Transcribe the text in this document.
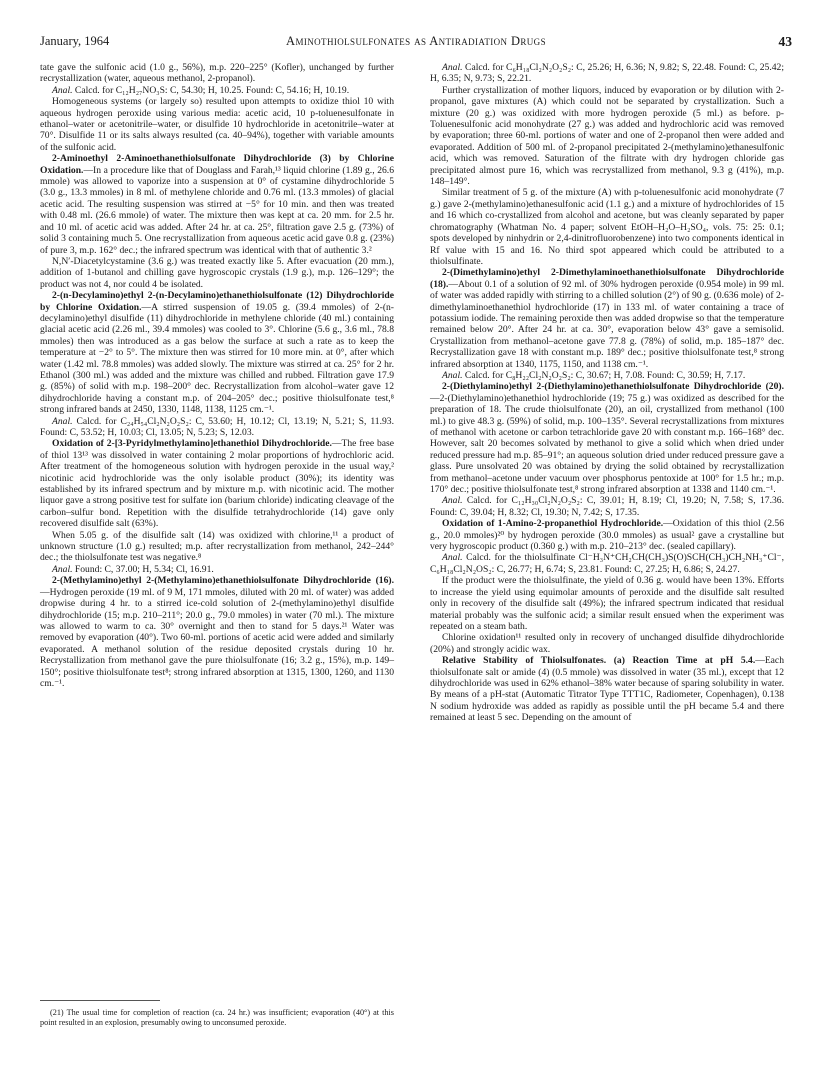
January, 1964	Aminothiolsulfonates as Antiradiation Drugs	43

tate gave the sulfonic acid (1.0 g., 56%), m.p. 220–225° (Kofler), unchanged by further recrystallization (water, aqueous methanol, 2-propanol).

Anal. Calcd. for C₁₂H₂₇NO₃S: C, 54.30; H, 10.25. Found: C, 54.16; H, 10.19.

Homogeneous systems (or largely so) resulted upon attempts to oxidize thiol 10 with aqueous hydrogen peroxide using various media: acetic acid, 10 p-toluenesulfonate in ethanol–water or acetonitrile–water, or disulfide 10 hydrochloride in acetonitrile–water at 70°. Disulfide 11 or its salts always resulted (ca. 40–94%), together with variable amounts of the sulfonic acid.

2-Aminoethyl 2-Aminoethanethiolsulfonate Dihydrochloride (3) by Chlorine Oxidation.—In a procedure like that of Douglass and Farah,¹³ liquid chlorine (1.89 g., 26.6 mmole) was allowed to vaporize into a suspension at 0° of cystamine dihydrochloride 5 (3.0 g., 13.3 mmoles) in 8 ml. of methylene chloride and 0.76 ml. (13.3 mmoles) of glacial acetic acid. The resulting suspension was stirred at −5° for 10 min. and then was treated with 0.48 ml. (26.6 mmole) of water. The mixture then was kept at ca. 20 mm. for 2.5 hr. and 10 ml. of acetic acid was added. After 24 hr. at ca. 25°, filtration gave 2.5 g. (73%) of solid 3 containing much 5. One recrystallization from aqueous acetic acid gave 0.8 g. (23%) of pure 3, m.p. 162° dec.; the infrared spectrum was identical with that of authentic 3.²

N,N′-Diacetylcystamine (3.6 g.) was treated exactly like 5. After evacuation (20 mm.), addition of 1-butanol and chilling gave hygroscopic crystals (1.9 g.), m.p. 126–129°; the product was not 4, nor could 4 be isolated.

2-(n-Decylamino)ethyl 2-(n-Decylamino)ethanethiolsulfonate (12) Dihydrochloride by Chlorine Oxidation.—A stirred suspension of 19.05 g. (39.4 mmoles) of 2-(n-decylamino)ethyl disulfide (11) dihydrochloride in methylene chloride (40 ml.) containing glacial acetic acid (2.26 ml., 39.4 mmoles) was cooled to 3°. Chlorine (5.6 g., 3.6 ml., 78.8 mmoles) then was introduced as a gas below the surface at such a rate as to keep the temperature at −2° to 5°. The mixture then was stirred for 10 more min. at 0°, after which water (1.42 ml. 78.8 mmoles) was added slowly. The mixture was stirred at ca. 25° for 2 hr. Ethanol (300 ml.) was added and the mixture was chilled and rubbed. Filtration gave 17.9 g. (85%) of solid with m.p. 198–200° dec. Recrystallization from alcohol–water gave 12 dihydrochloride having a constant m.p. of 204–205° dec.; positive thiolsulfonate test,⁸ strong infrared bands at 2450, 1330, 1148, 1138, 1125 cm.⁻¹.

Anal. Calcd. for C₂₄H₅₄Cl₂N₂O₂S₂: C, 53.60; H, 10.12; Cl, 13.19; N, 5.21; S, 11.93. Found: C, 53.52; H, 10.03; Cl, 13.05; N, 5.23; S, 12.03.

Oxidation of 2-[3-Pyridylmethylamino]ethanethiol Dihydrochloride.—The free base of thiol 13¹³ was dissolved in water containing 2 molar proportions of hydrochloric acid. After treatment of the homogeneous solution with hydrogen peroxide in the usual way,² nicotinic acid hydrochloride was the only isolable product (30%); its identity was established by its infrared spectrum and by mixture m.p. with nicotinic acid. The mother liquor gave a strong positive test for sulfate ion (barium chloride) indicating cleavage of the carbon–sulfur bond. Repetition with the disulfide tetrahydrochloride (14) gave only recovered disulfide salt (63%).

When 5.05 g. of the disulfide salt (14) was oxidized with chlorine,¹¹ a product of unknown structure (1.0 g.) resulted; m.p. after recrystallization from methanol, 242–244° dec.; the thiolsulfonate test was negative.⁸

Anal. Found: C, 37.00; H, 5.34; Cl, 16.91.

2-(Methylamino)ethyl 2-(Methylamino)ethanethiolsulfonate Dihydrochloride (16).—Hydrogen peroxide (19 ml. of 9 M, 171 mmoles, diluted with 20 ml. of water) was added dropwise during 4 hr. to a stirred ice-cold solution of 2-(methylamino)ethyl disulfide dihydrochloride (15; m.p. 210–211°; 20.0 g., 79.0 mmoles) in water (70 ml.). The mixture was allowed to warm to ca. 30° overnight and then to stand for 5 days.²¹ Water was removed by evaporation (40°). Two 60-ml. portions of acetic acid were added and similarly evaporated. A methanol solution of the residue deposited crystals during 10 hr. Recrystallization from methanol gave the pure thiolsulfonate (16; 3.2 g., 15%), m.p. 149–150°; positive thiolsulfonate test⁸; strong infrared absorption at 1315, 1300, 1260, and 1130 cm.⁻¹.

Anal. Calcd. for C₆H₁₈Cl₂N₂O₂S₂: C, 25.26; H, 6.36; N, 9.82; S, 22.48. Found: C, 25.42; H, 6.35; N, 9.73; S, 22.21.

Further crystallization of mother liquors, induced by evaporation or by dilution with 2-propanol, gave mixtures (A) which could not be separated by crystallization. Such a mixture (20 g.) was oxidized with more hydrogen peroxide (5 ml.) as before. p-Toluenesulfonic acid monohydrate (27 g.) was added and hydrochloric acid was removed by evaporation; three 60-ml. portions of water and one of 2-propanol then were added and evaporated. Addition of 500 ml. of 2-propanol precipitated 2-(methylamino)ethanesulfonic acid, which was removed. Saturation of the filtrate with dry hydrogen chloride gas precipitated almost pure 16, which was recrystallized from methanol, 9.3 g (41%), m.p. 148–149°.

Similar treatment of 5 g. of the mixture (A) with p-toluenesulfonic acid monohydrate (7 g.) gave 2-(methylamino)ethanesulfonic acid (1.1 g.) and a mixture of hydrochlorides of 15 and 16 which co-crystallized from alcohol and acetone, but was cleanly separated by paper chromatography (Whatman No. 4 paper; solvent EtOH–H₂O–H₂SO₄, vols. 75: 25: 0.1; spots developed by ninhydrin or 2,4-dinitrofluorobenzene) into two components identical in Rf value with 15 and 16. No third spot appeared which could be attributed to a thiolsulfinate.

2-(Dimethylamino)ethyl 2-Dimethylaminoethanethiolsulfonate Dihydrochloride (18).—About 0.1 of a solution of 92 ml. of 30% hydrogen peroxide (0.954 mole) in 99 ml. of water was added rapidly with stirring to a chilled solution (2°) of 90 g. (0.636 mole) of 2-dimethylaminoethanethiol hydrochloride (17) in 133 ml. of water containing a trace of potassium iodide. The remaining peroxide then was added dropwise so that the temperature remained below 20°. After 24 hr. at ca. 30°, evaporation below 43° gave a semisolid. Crystallization from methanol–acetone gave 77.8 g. (78%) of solid, m.p. 185–187° dec. Recrystallization gave 18 with constant m.p. 189° dec.; positive thiolsulfonate test,⁸ strong infrared absorption at 1340, 1175, 1150, and 1138 cm.⁻¹.

Anal. Calcd. for C₈H₂₂Cl₂N₂O₂S₂: C, 30.67; H, 7.08. Found: C, 30.59; H, 7.17.

2-(Diethylamino)ethyl 2-(Diethylamino)ethanethiolsulfonate Dihydrochloride (20).—2-(Diethylamino)ethanethiol hydrochloride (19; 75 g.) was oxidized as described for the preparation of 18. The crude thiolsulfonate (20), an oil, crystallized from methanol (100 ml.) to give 48.3 g. (59%) of solid, m.p. 100–135°. Several recrystallizations from mixtures of methanol with acetone or carbon tetrachloride gave 20 with constant m.p. 166–168° dec. However, salt 20 becomes solvated by methanol to give a solid which when dried under reduced pressure had m.p. 85–91°; an aqueous solution dried under reduced pressure gave a glass. Pure unsolvated 20 was obtained by drying the solid obtained by recrystallization from methanol–acetone under vacuum over phosphorus pentoxide at 100° for 1.5 hr.; m.p. 170° dec.; positive thiolsulfonate test,⁸ strong infrared absorption at 1338 and 1140 cm.⁻¹.

Anal. Calcd. for C₁₂H₃₀Cl₂N₂O₂S₂: C, 39.01; H, 8.19; Cl, 19.20; N, 7.58; S, 17.36. Found: C, 39.04; H, 8.32; Cl, 19.30; N, 7.42; S, 17.35.

Oxidation of 1-Amino-2-propanethiol Hydrochloride.—Oxidation of this thiol (2.56 g., 20.0 mmoles)²⁰ by hydrogen peroxide (30.0 mmoles) as usual² gave a crystalline but very hygroscopic product (0.360 g.) with m.p. 210–213° dec. (sealed capillary).

Anal. Calcd. for the thiolsulfinate Cl⁻H₃N⁺CH₂CH(CH₃)S(O)SCH(CH₃)CH₂NH₃⁺Cl⁻, C₆H₁₈Cl₂N₂OS₂: C, 26.77; H, 6.74; S, 23.81. Found: C, 27.25; H, 6.86; S, 24.27.

If the product were the thiolsulfinate, the yield of 0.36 g. would have been 13%. Efforts to increase the yield using equimolar amounts of peroxide and the disulfide salt resulted only in recovery of the disulfide salt (49%); the infrared spectrum indicated that residual material probably was the sulfonic acid; a similar result ensued when the experiment was repeated on a steam bath.

Chlorine oxidation¹¹ resulted only in recovery of unchanged disulfide dihydrochloride (20%) and strongly acidic wax.

Relative Stability of Thiolsulfonates. (a) Reaction Time at pH 5.4.—Each thiolsulfonate salt or amide (4) (0.5 mmole) was dissolved in water (35 ml.), except that 12 dihydrochloride was used in 62% ethanol–38% water because of sparing solubility in water. By means of a pH-stat (Automatic Titrator Type TTT1C, Radiometer, Copenhagen), 0.138 N sodium hydroxide was added as rapidly as possible until the pH became 5.4 and there remained at least 5 sec. Depending on the amount of

(21) The usual time for completion of reaction (ca. 24 hr.) was insufficient; evaporation (40°) at this point resulted in an explosion, presumably owing to unconsumed peroxide.
